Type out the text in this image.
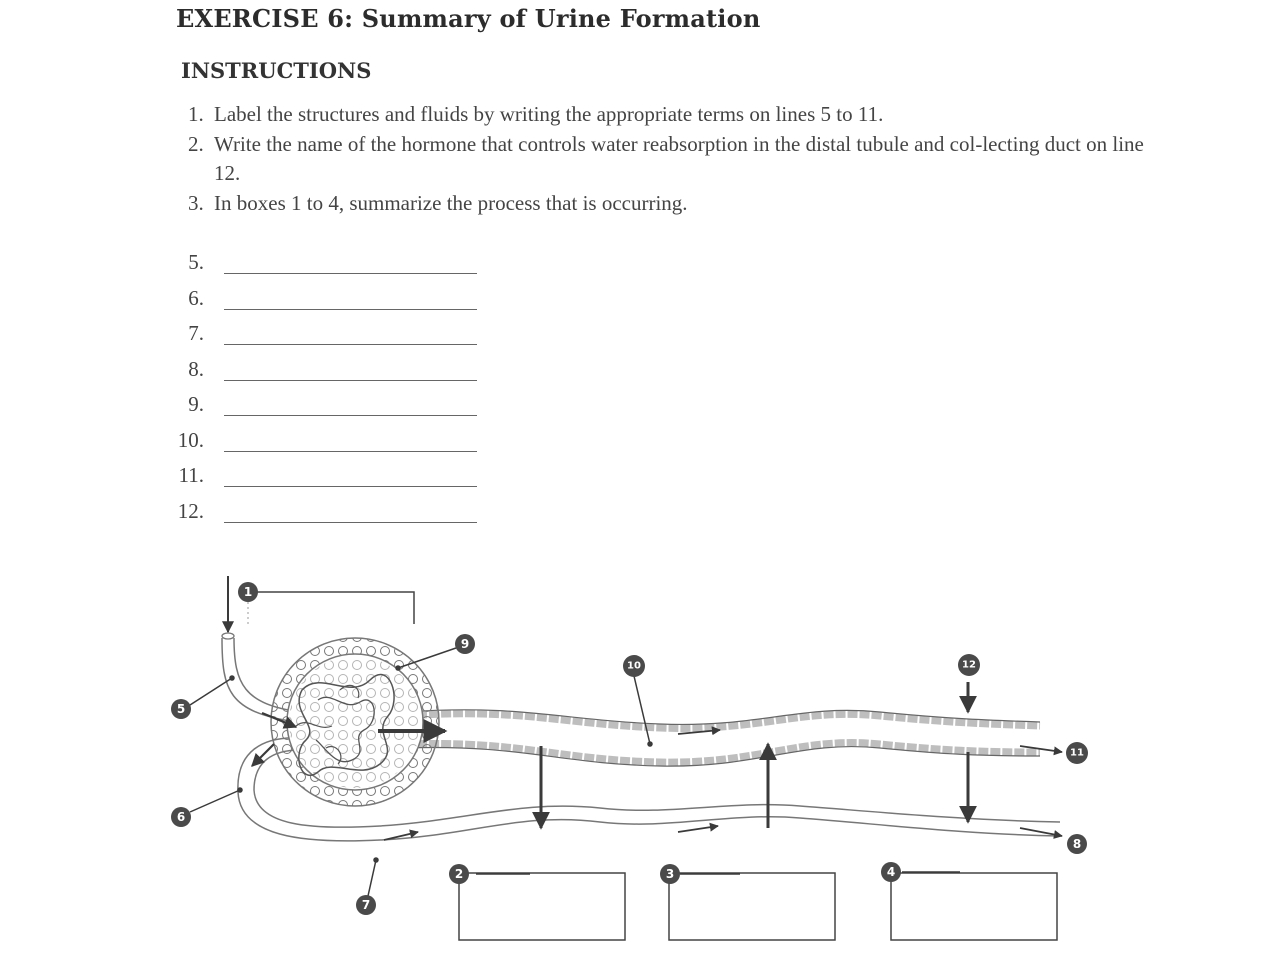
EXERCISE 6: Summary of Urine Formation
INSTRUCTIONS
1. Label the structures and fluids by writing the appropriate terms on lines 5 to 11.
2. Write the name of the hormone that controls water reabsorption in the distal tubule and col-lecting duct on line 12.
3. In boxes 1 to 4, summarize the process that is occurring.
5.
6.
7.
8.
9.
10.
11.
12.
1
2	3	4
5
6
7
8
9
10
11
12
